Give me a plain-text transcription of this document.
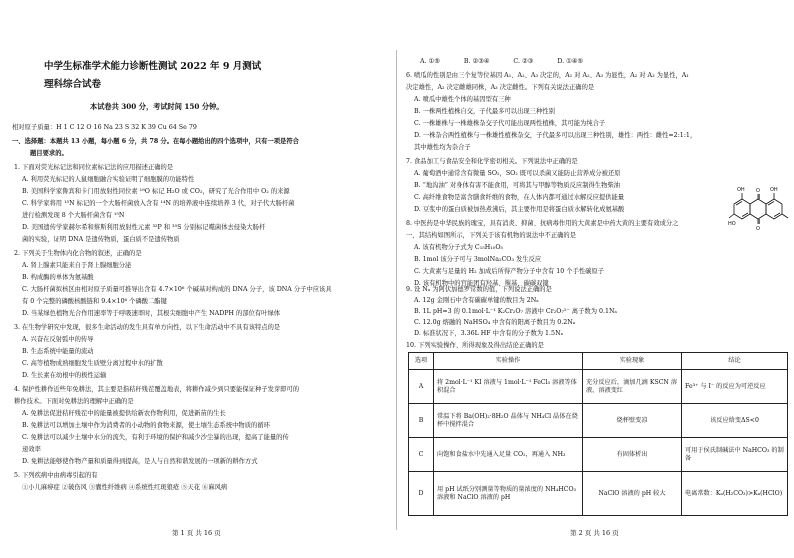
中学生标准学术能力诊断性测试 2022 年 9 月测试
理科综合试卷
本试卷共 300 分，考试时间 150 分钟。
相对原子质量：H 1 C 12 O 16 Na 23 S 32 K 39 Cu 64 Se 79
一、选择题：本题共 13 小题，每小题 6 分，共 78 分。在每小题给出的四个选项中，只有一项是符合
题目要求的。
1. 下面对荧光标记法和同位素标记法的应用描述正确的是
A. 利用荧光标记的人鼠细胞融合实验证明了细胞膜的功能特性
B. 美国科学家鲁宾和卡门用放射性同位素 ¹⁸O 标记 H₂O 或 CO₂，研究了光合作用中 O₂ 的来源
C. 科学家将用 ¹⁵N 标记的一个大肠杆菌放入含有 ¹⁴N 的培养液中连续培养 3 代，对子代大肠杆菌
进行检测发现 8 个大肠杆菌含有 ¹⁵N
D. 美国遗传学家赫尔希和蔡斯利用放射性元素 ³²P 和 ³⁵S 分别标记噬菌体去侵染大肠杆
菌的实验，证明 DNA 是遗传物质，蛋白质不是遗传物质
2. 下列关于生物体内化合物的叙述，正确的是
A. 肾上腺素只能来自于肾上腺细胞分泌
B. 构成酶的单体为氨基酸
C. 大肠杆菌拟核区由相对原子质量可推导出含有 4.7×10⁶ 个碱基对构成的 DNA 分子，该 DNA 分子中应该具
有 0 个完整的磷酸核酸链和 9.4×10⁶ 个磷酸二酯键
D. 当某绿色植物光合作用速率等于呼吸速率时，其根尖细胞中产生 NADPH 的部位有叶绿体
3. 在生物学研究中发现，很多生命活动的发生具有单方向性，以下生命活动中不具有该特点的是
A. 兴奋在反射弧中的传导
B. 生态系统中能量的流动
C. 高等植物成熟细胞发生质壁分离过程中水的扩散
D. 生长素在幼根中的极性运输
4. 保护性耕作近些年免耕法，其主要是指秸秆残茬覆盖地表，将耕作减少到只要能保证种子发芽即可的
耕作技术。下面对免耕法的理解中正确的是
A. 免耕法促进秸秆残茬中的能量被提供给新农作物利用，促进新苗的生长
B. 免耕法可以增加土壤中作为消费者的小动物的食物来源，使土壤生态系统中物质的循环
C. 免耕法可以减少土壤中水分的流失，有利于环境的保护和减少沙尘暴的出现，提高了能量的传
递效率
D. 免耕法能够使作物产量和质量得到提高，是人与自然和谐发展的一项新的耕作方式
5. 下列疾病中由病毒引起的有
①小儿麻痹症 ②破伤风 ③囊性纤维病 ④系统性红斑狼疮 ⑤天花 ⑥麻风病
第 1 页 共 16 页
A. ①⑤	B. ②③④	C. ②③	D. ①④⑤
6. 喷瓜的性别是由三个复等位基因 A₁、A₂、A₃ 决定的，A₁ 对 A₂、A₃ 为显性，A₂ 对 A₃ 为显性，A₁
决定雄性，A₂ 决定雌雄同株，A₃ 决定雌性。下列有关说法正确的是
A. 喷瓜中雄性个体的基因型有三种
B. 一株两性植株自交，子代最多可以出现三种性别
C. 一株雄株与一株雄株杂交子代可能出现两性植株，其可能为纯合子
D. 一株杂合两性植株与一株雄性植株杂交，子代最多可以出现三种性别，雄性：两性：雌性=2:1:1，
其中雄性均为杂合子
7. 食品加工与食品安全和化学密切相关。下列说法中正确的是
A. 葡萄酒中通常含有微量 SO₂，SO₂ 既可以杀菌又能防止营养成分被还原
B. “地沟油” 对身体有害不能食用，可将其与甲醇等物质反应制得生物柴油
C. 高纤维食物是富含膳食纤维的食物，在人体内都可通过水解反应提供能量
D. 豆浆中的蛋白质被加热煮沸后，其主要作用是将蛋白质水解转化成氨基酸
8. 中医药是中华民族的瑰宝，具有消炎、抑菌、抗病毒作用的大黄素是中药大黄的主要有效成分之
一，其结构如图所示，下列关于该有机物的说法中不正确的是
A. 该有机物分子式为 C₁₅H₁₀O₅
B. 1mol 该分子可与 3molNa₂CO₃ 发生反应
C. 大黄素与足量的 H₂ 加成后所得产物分子中含有 10 个手性碳原子
D. 该有机物中的官能团有羟基、羰基、碳碳双键
OH O OH
HO
O
9. 设 Nₐ 为阿伏加德罗常数的值，下列说法正确的是
A. 12g 金刚石中含有碳碳单键的数目为 2Nₐ
B. 1L pH=3 的 0.1mol·L⁻¹ K₂Cr₂O₇ 溶液中 Cr₂O₇²⁻ 离子数为 0.1Nₐ
C. 12.0g 熔融的 NaHSO₄ 中含有的阳离子数目为 0.2Nₐ
D. 标准状况下，3.36L HF 中含有的分子数为 1.5Nₐ
选项	实验操作	实验现象	结论
A	将 2mol·L⁻¹ KI 溶液与 1mol·L⁻¹ FeCl₃ 溶液等体积混合	充分反应后，滴加几滴 KSCN 溶液，溶液变红	Fe³⁺ 与 I⁻ 的反应为可逆反应
B	常温下将 Ba(OH)₂·8H₂O 晶体与 NH₄Cl 晶体在烧杯中搅拌混合	烧杯壁变凉	该反应焓变ΔS<0
C	向饱和食盐水中先通入足量 CO₂，再通入 NH₃	有固体析出	可用于侯氏制碱法中 NaHCO₃ 的制备
D	用 pH 试纸分别测量等物质的量浓度的 NH₄HCO₃ 溶液和 NaClO 溶液的 pH	NaClO 溶液的 pH 较大	电离常数：Kₐ(H₂CO₃)>Kₐ(HClO)
第 2 页 共 16 页
10. 下列实验操作、所得现象及得出结论正确的是
